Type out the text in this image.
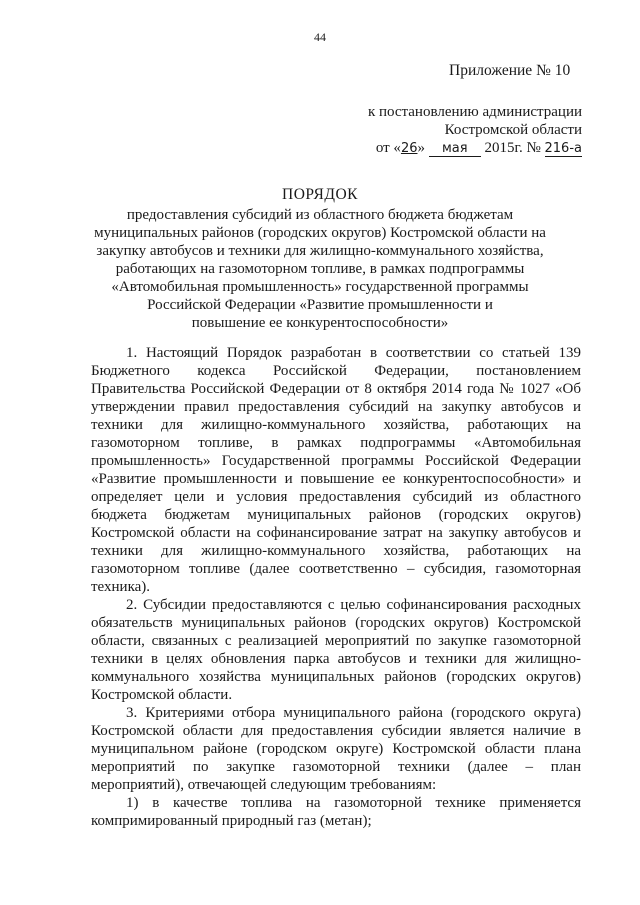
44
Приложение № 10
к постановлению администрации
Костромской области
от «26» мая 2015г. № 216-а
ПОРЯДОК
предоставления субсидий из областного бюджета бюджетам
муниципальных районов (городских округов) Костромской области на
закупку автобусов и техники для жилищно-коммунального хозяйства,
работающих на газомоторном топливе, в рамках подпрограммы
«Автомобильная промышленность» государственной программы
Российской Федерации «Развитие промышленности и
повышение ее конкурентоспособности»
1. Настоящий Порядок разработан в соответствии со статьей 139
Бюджетного кодекса Российской Федерации, постановлением
Правительства Российской Федерации от 8 октября 2014 года № 1027 «Об
утверждении правил предоставления субсидий на закупку автобусов и
техники для жилищно-коммунального хозяйства, работающих на
газомоторном топливе, в рамках подпрограммы «Автомобильная
промышленность» Государственной программы Российской Федерации
«Развитие промышленности и повышение ее конкурентоспособности» и
определяет цели и условия предоставления субсидий из областного
бюджета бюджетам муниципальных районов (городских округов)
Костромской области на софинансирование затрат на закупку автобусов и
техники для жилищно-коммунального хозяйства, работающих на
газомоторном топливе (далее соответственно – субсидия, газомоторная
техника).
2. Субсидии предоставляются с целью софинансирования расходных
обязательств муниципальных районов (городских округов) Костромской
области, связанных с реализацией мероприятий по закупке газомоторной
техники в целях обновления парка автобусов и техники для жилищно-
коммунального хозяйства муниципальных районов (городских округов)
Костромской области.
3. Критериями отбора муниципального района (городского округа)
Костромской области для предоставления субсидии является наличие в
муниципальном районе (городском округе) Костромской области плана
мероприятий по закупке газомоторной техники (далее – план
мероприятий), отвечающей следующим требованиям:
1) в качестве топлива на газомоторной технике применяется
компримированный природный газ (метан);
